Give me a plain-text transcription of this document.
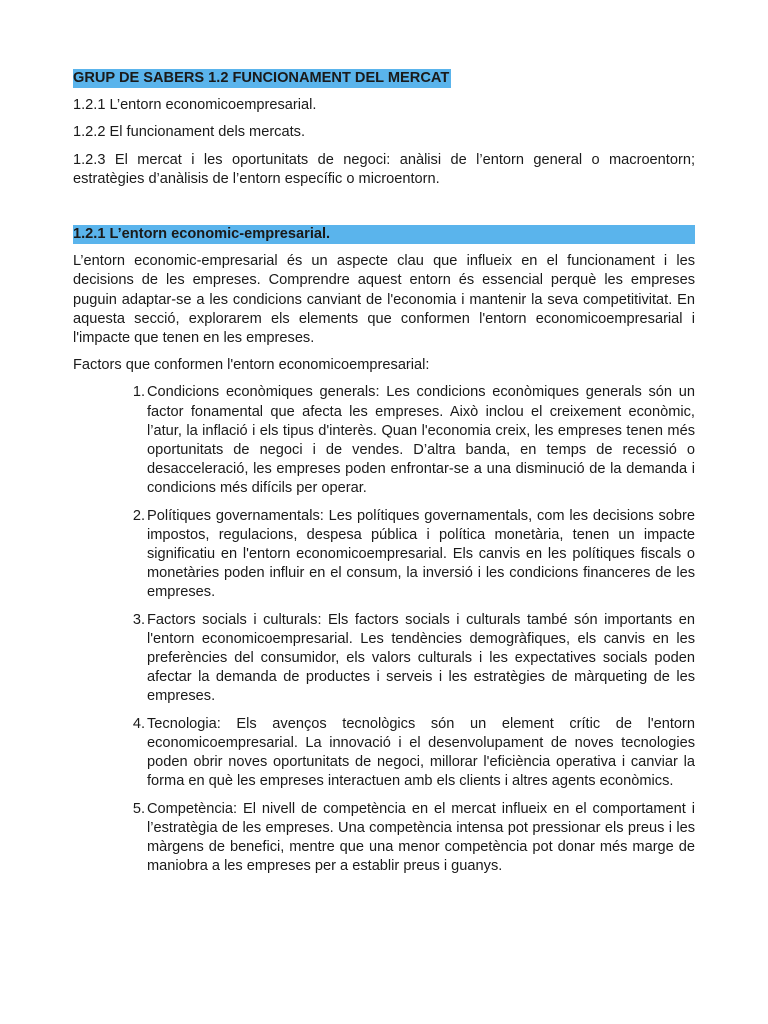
GRUP DE SABERS 1.2 FUNCIONAMENT DEL MERCAT

1.2.1 L’entorn economicoempresarial.

1.2.2 El funcionament dels mercats.

1.2.3 El mercat i les oportunitats de negoci: anàlisi de l’entorn general o macroentorn; estratègies d’anàlisis de l’entorn específic o microentorn.

1.2.1 L’entorn economic-empresarial.

L’entorn economic-empresarial és un aspecte clau que influeix en el funcionament i les decisions de les empreses. Comprendre aquest entorn és essencial perquè les empreses puguin adaptar-se a les condicions canviant de l'economia i mantenir la seva competitivitat. En aquesta secció, explorarem els elements que conformen l'entorn economicoempresarial i l'impacte que tenen en les empreses.

Factors que conformen l'entorn economicoempresarial:

1. Condicions econòmiques generals: Les condicions econòmiques generals són un factor fonamental que afecta les empreses. Això inclou el creixement econòmic, l’atur, la inflació i els tipus d'interès. Quan l'economia creix, les empreses tenen més oportunitats de negoci i de vendes. D’altra banda, en temps de recessió o desacceleració, les empreses poden enfrontar-se a una disminució de la demanda i condicions més difícils per operar.
2. Polítiques governamentals: Les polítiques governamentals, com les decisions sobre impostos, regulacions, despesa pública i política monetària, tenen un impacte significatiu en l'entorn economicoempresarial. Els canvis en les polítiques fiscals o monetàries poden influir en el consum, la inversió i les condicions financeres de les empreses.
3. Factors socials i culturals: Els factors socials i culturals també són importants en l'entorn economicoempresarial. Les tendències demogràfiques, els canvis en les preferències del consumidor, els valors culturals i les expectatives socials poden afectar la demanda de productes i serveis i les estratègies de màrqueting de les empreses.
4. Tecnologia: Els avenços tecnològics són un element crític de l'entorn economicoempresarial. La innovació i el desenvolupament de noves tecnologies poden obrir noves oportunitats de negoci, millorar l'eficiència operativa i canviar la forma en què les empreses interactuen amb els clients i altres agents econòmics.
5. Competència: El nivell de competència en el mercat influeix en el comportament i l’estratègia de les empreses. Una competència intensa pot pressionar els preus i les màrgens de benefici, mentre que una menor competència pot donar més marge de maniobra a les empreses per a establir preus i guanys.
